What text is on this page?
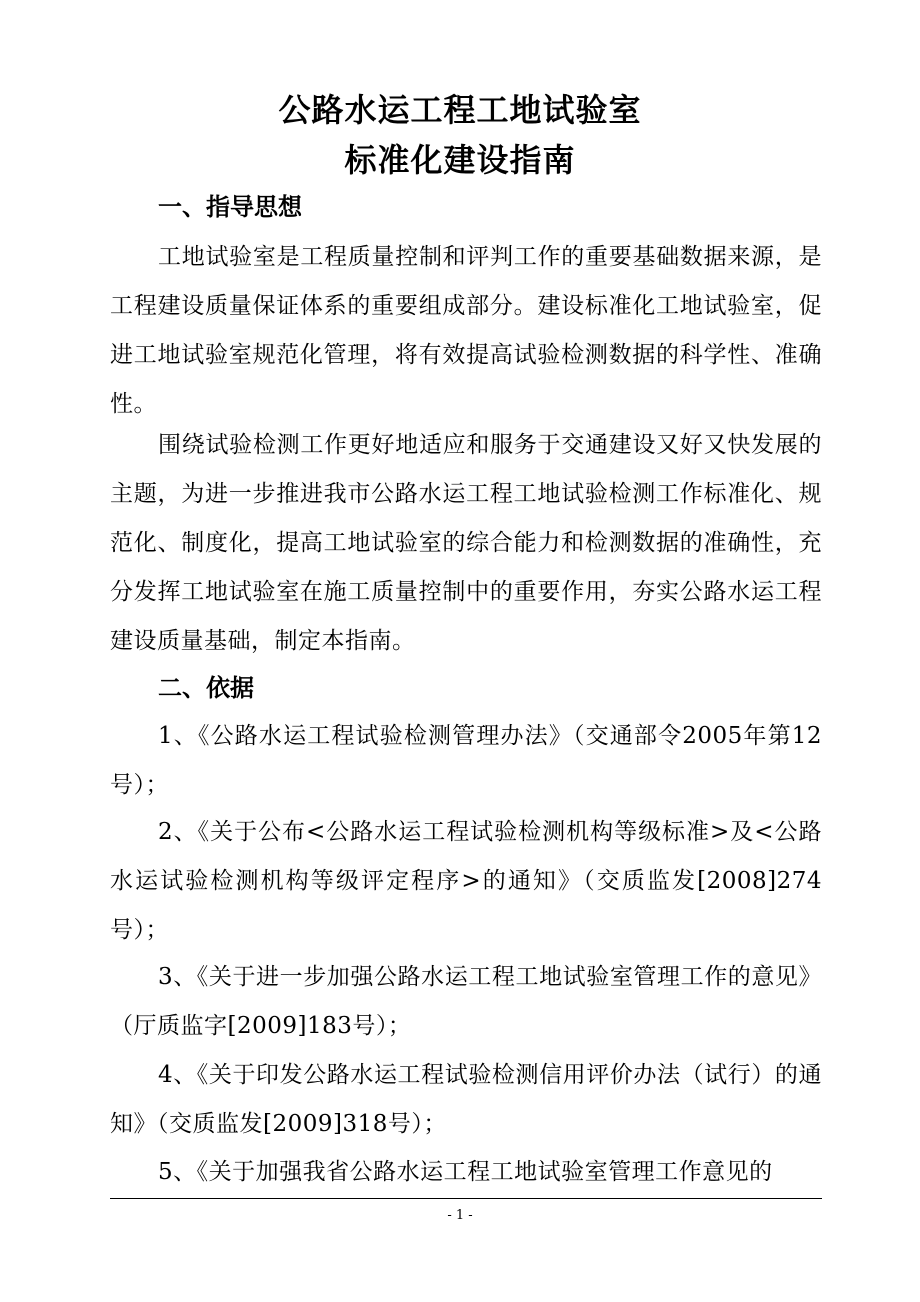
公路水运工程工地试验室
标准化建设指南
一、指导思想
工地试验室是工程质量控制和评判工作的重要基础数据来源，是工程建设质量保证体系的重要组成部分。建设标准化工地试验室，促进工地试验室规范化管理，将有效提高试验检测数据的科学性、准确性。
围绕试验检测工作更好地适应和服务于交通建设又好又快发展的主题，为进一步推进我市公路水运工程工地试验检测工作标准化、规范化、制度化，提高工地试验室的综合能力和检测数据的准确性，充分发挥工地试验室在施工质量控制中的重要作用，夯实公路水运工程建设质量基础，制定本指南。
二、依据
1、《公路水运工程试验检测管理办法》（交通部令2005年第12号）；
2、《关于公布<公路水运工程试验检测机构等级标准>及<公路水运试验检测机构等级评定程序>的通知》（交质监发[2008]274号）；
3、《关于进一步加强公路水运工程工地试验室管理工作的意见》（厅质监字[2009]183号）；
4、《关于印发公路水运工程试验检测信用评价办法（试行）的通知》（交质监发[2009]318号）；
5、《关于加强我省公路水运工程工地试验室管理工作意见的
- 1 -
